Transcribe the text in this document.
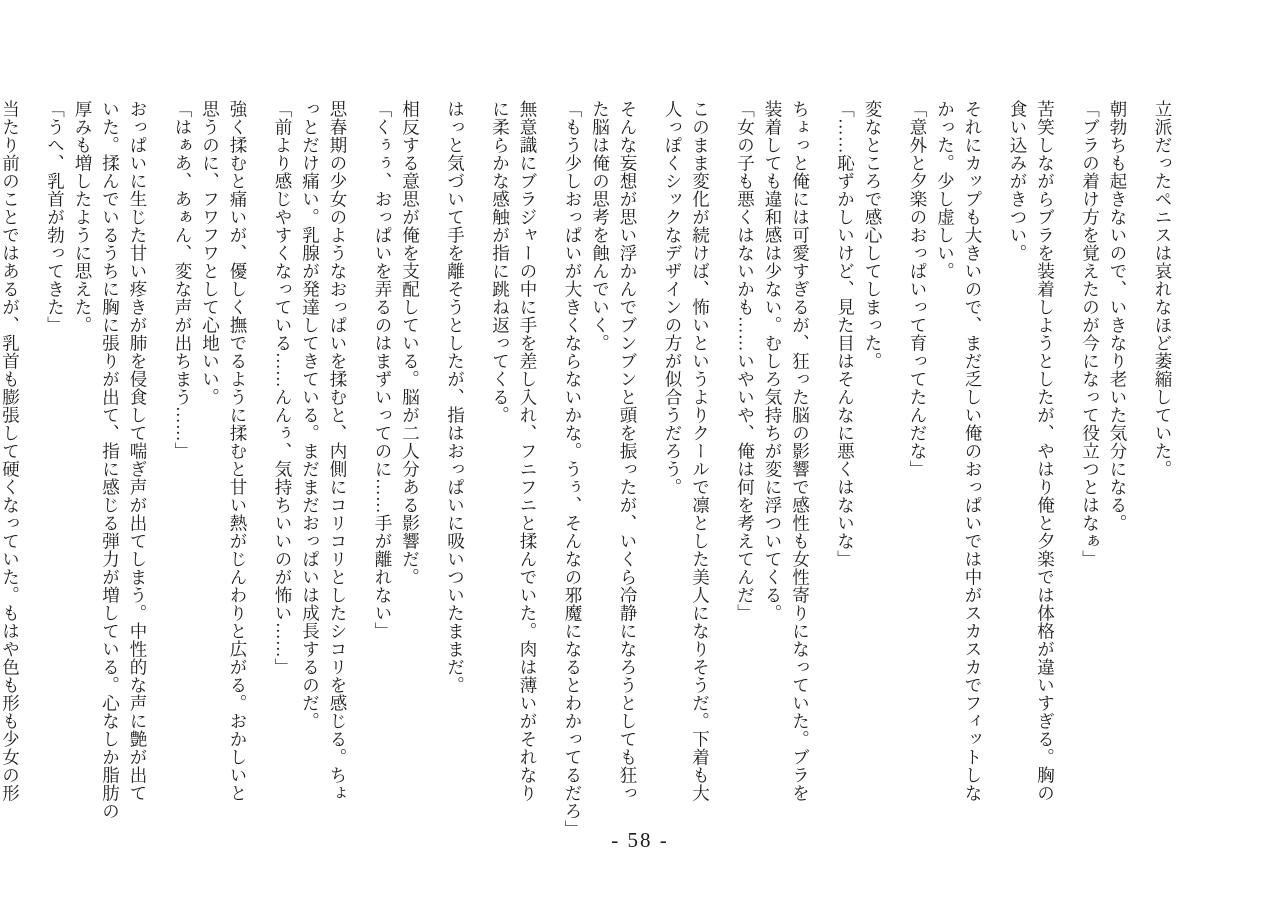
立派だったペニスは哀れなほど萎縮していた。
朝勃ちも起きないので、いきなり老いた気分になる。
「ブラの着け方を覚えたのが今になって役立つとはなぁ」
苦笑しながらブラを装着しようとしたが、やはり俺と夕楽では体格が違いすぎる。胸の
食い込みがきつい。
それにカップも大きいので、まだ乏しい俺のおっぱいでは中がスカスカでフィットしな
かった。少し虚しい。
「意外と夕楽のおっぱいって育ってたんだな」
変なところで感心してしまった。
「……恥ずかしいけど、見た目はそんなに悪くはないな」
ちょっと俺には可愛すぎるが、狂った脳の影響で感性も女性寄りになっていた。ブラを
装着しても違和感は少ない。むしろ気持ちが変に浮ついてくる。
「女の子も悪くはないかも……いやいや、俺は何を考えてんだ」
このまま変化が続けば、怖いというよりクールで凛とした美人になりそうだ。下着も大
人っぽくシックなデザインの方が似合うだろう。
そんな妄想が思い浮かんでブンブンと頭を振ったが、いくら冷静になろうとしても狂っ
た脳は俺の思考を蝕んでいく。
「もう少しおっぱいが大きくならないかな。うぅ、そんなの邪魔になるとわかってるだろ」
無意識にブラジャーの中に手を差し入れ、フニフニと揉んでいた。肉は薄いがそれなり
に柔らかな感触が指に跳ね返ってくる。
はっと気づいて手を離そうとしたが、指はおっぱいに吸いついたままだ。
相反する意思が俺を支配している。脳が二人分ある影響だ。
「くぅぅ、おっぱいを弄るのはまずいってのに……手が離れない」
思春期の少女のようなおっぱいを揉むと、内側にコリコリとしたシコリを感じる。ちょ
っとだけ痛い。乳腺が発達してきている。まだまだおっぱいは成長するのだ。
「前より感じやすくなっている……んんぅ、気持ちいいのが怖い……」
強く揉むと痛いが、優しく撫でるように揉むと甘い熱がじんわりと広がる。おかしいと
思うのに、フワフワとして心地いい。
「はぁあ、あぁん、変な声が出ちまう……」
おっぱいに生じた甘い疼きが肺を侵食して喘ぎ声が出てしまう。中性的な声に艶が出て
いた。揉んでいるうちに胸に張りが出て、指に感じる弾力が増している。心なしか脂肪の
厚みも増したように思えた。
「うへ、乳首が勃ってきた」
当たり前のことではあるが、乳首も膨張して硬くなっていた。もはや色も形も少女の形
- 58 -
